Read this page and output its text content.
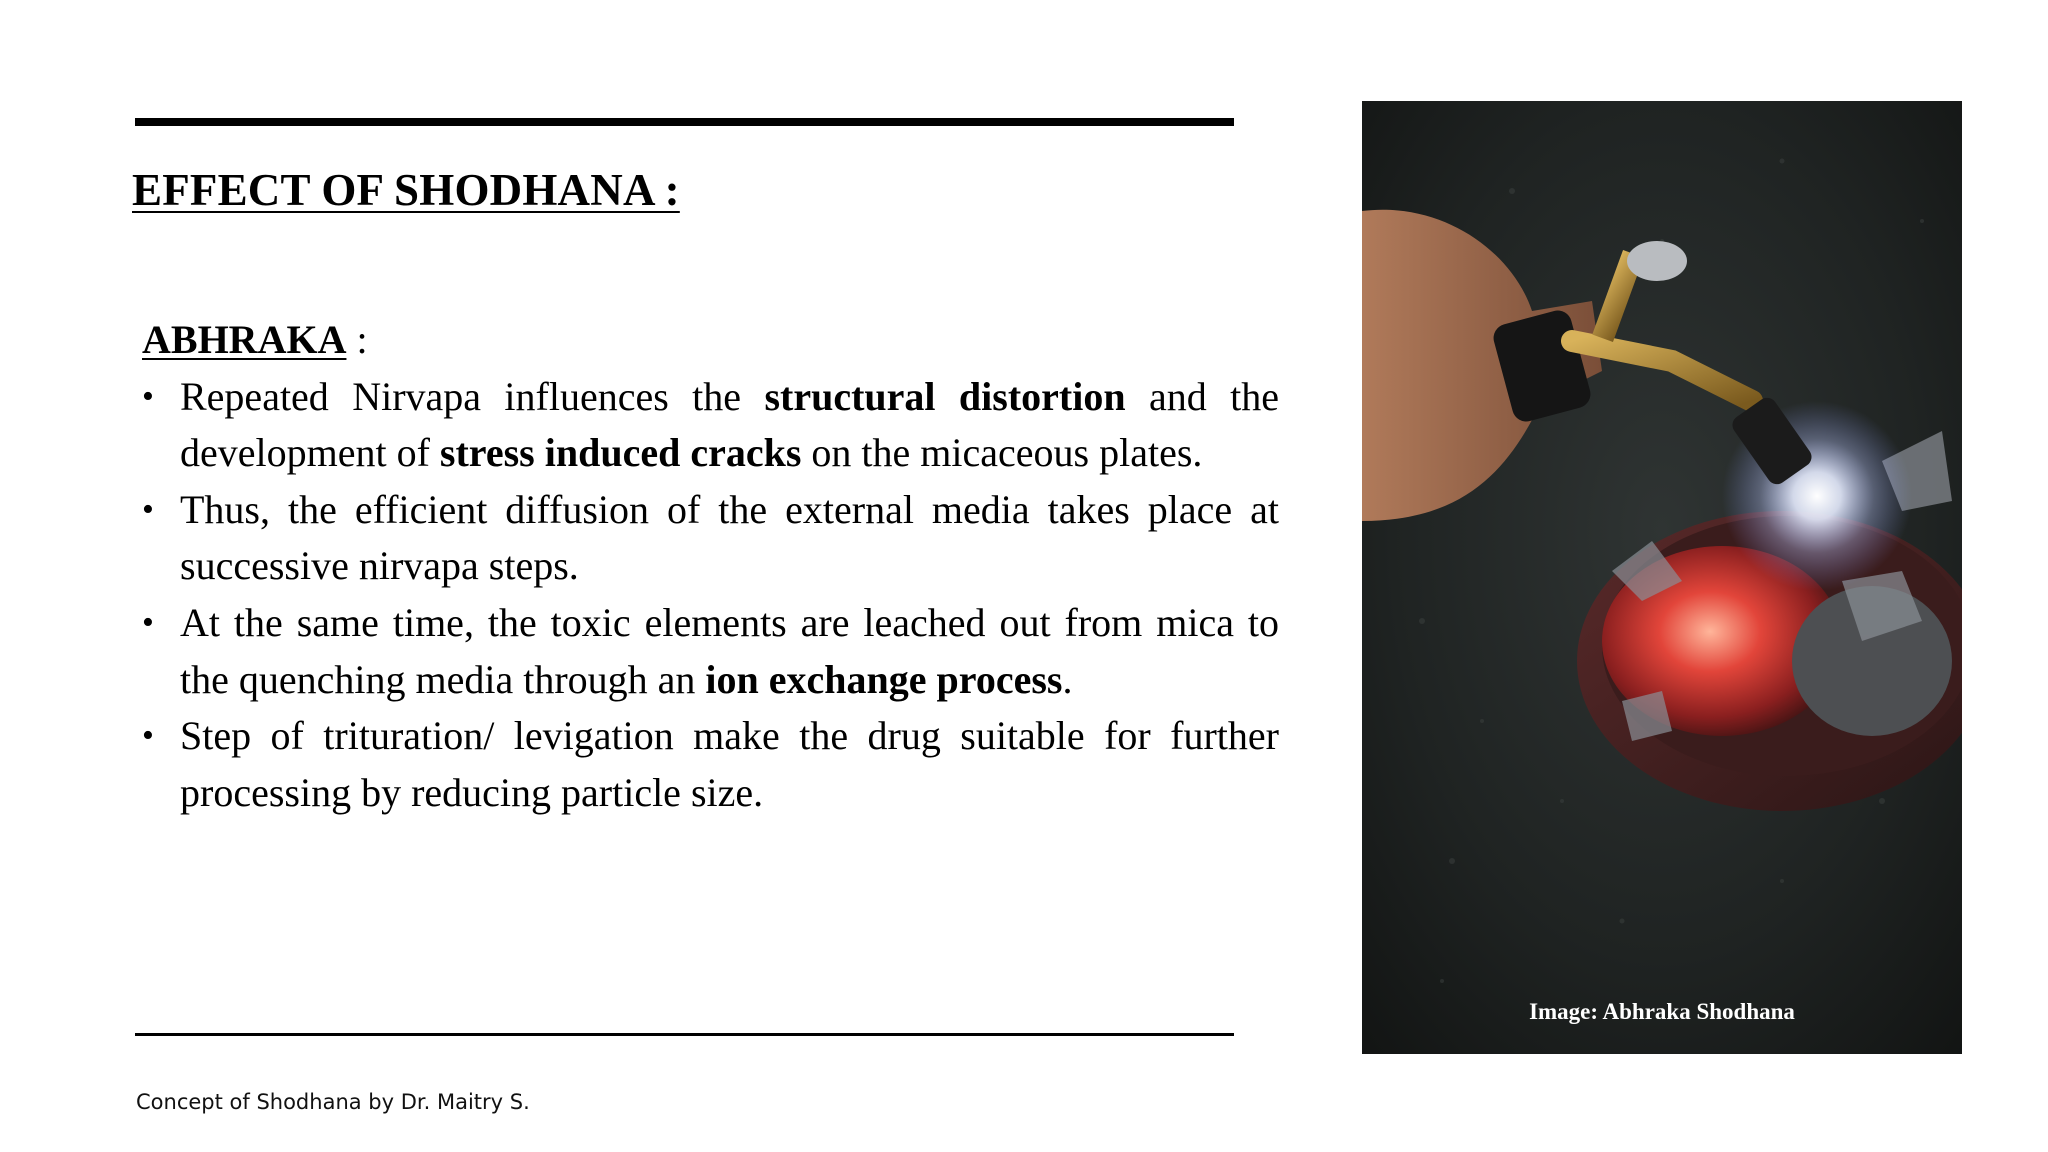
EFFECT OF SHODHANA :

ABHRAKA :

• Repeated Nirvapa influences the structural distortion and the development of stress induced cracks on the micaceous plates.
• Thus, the efficient diffusion of the external media takes place at successive nirvapa steps.
• At the same time, the toxic elements are leached out from mica to the quenching media through an ion exchange process.
• Step of trituration/ levigation make the drug suitable for further processing by reducing particle size.
Concept of Shodhana by Dr. Maitry S.
Image: Abhraka Shodhana
